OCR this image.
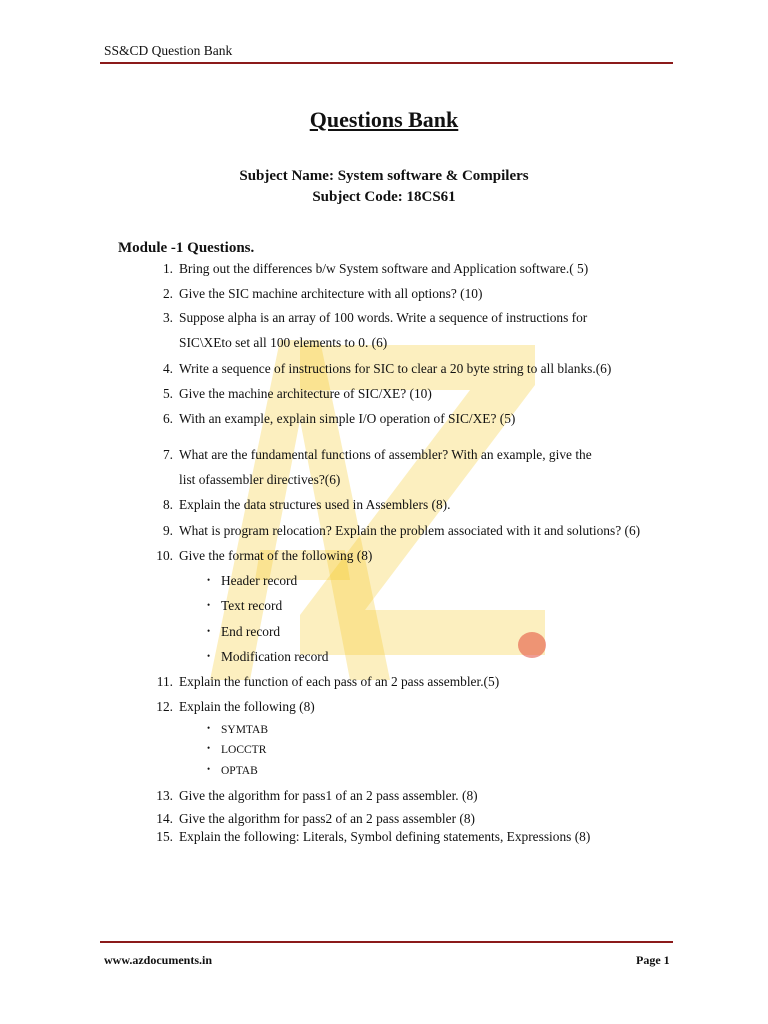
SS&CD Question Bank
Questions Bank
Subject Name: System software & Compilers
Subject Code: 18CS61
Module -1 Questions.
1. Bring out the differences b/w System software and Application software.( 5)
2. Give the SIC machine architecture with all options? (10)
3. Suppose alpha is an array of 100 words. Write a sequence of instructions for
SIC\XEto set all 100 elements to 0. (6)
4. Write a sequence of instructions for SIC to clear a 20 byte string to all blanks.(6)
5. Give the machine architecture of SIC/XE? (10)
6. With an example, explain simple I/O operation of SIC/XE? (5)
7. What are the fundamental functions of assembler? With an example, give the
list ofassembler directives?(6)
8. Explain the data structures used in Assemblers (8).
9. What is program relocation? Explain the problem associated with it and solutions? (6)
10. Give the format of the following (8)
• Header record
• Text record
• End record
• Modification record
11. Explain the function of each pass of an 2 pass assembler.(5)
12. Explain the following (8)
• SYMTAB
• LOCCTR
• OPTAB
13. Give the algorithm for pass1 of an 2 pass assembler. (8)
14. Give the algorithm for pass2 of an 2 pass assembler (8)
15. Explain the following: Literals, Symbol defining statements, Expressions (8)
www.azdocuments.in	Page 1
